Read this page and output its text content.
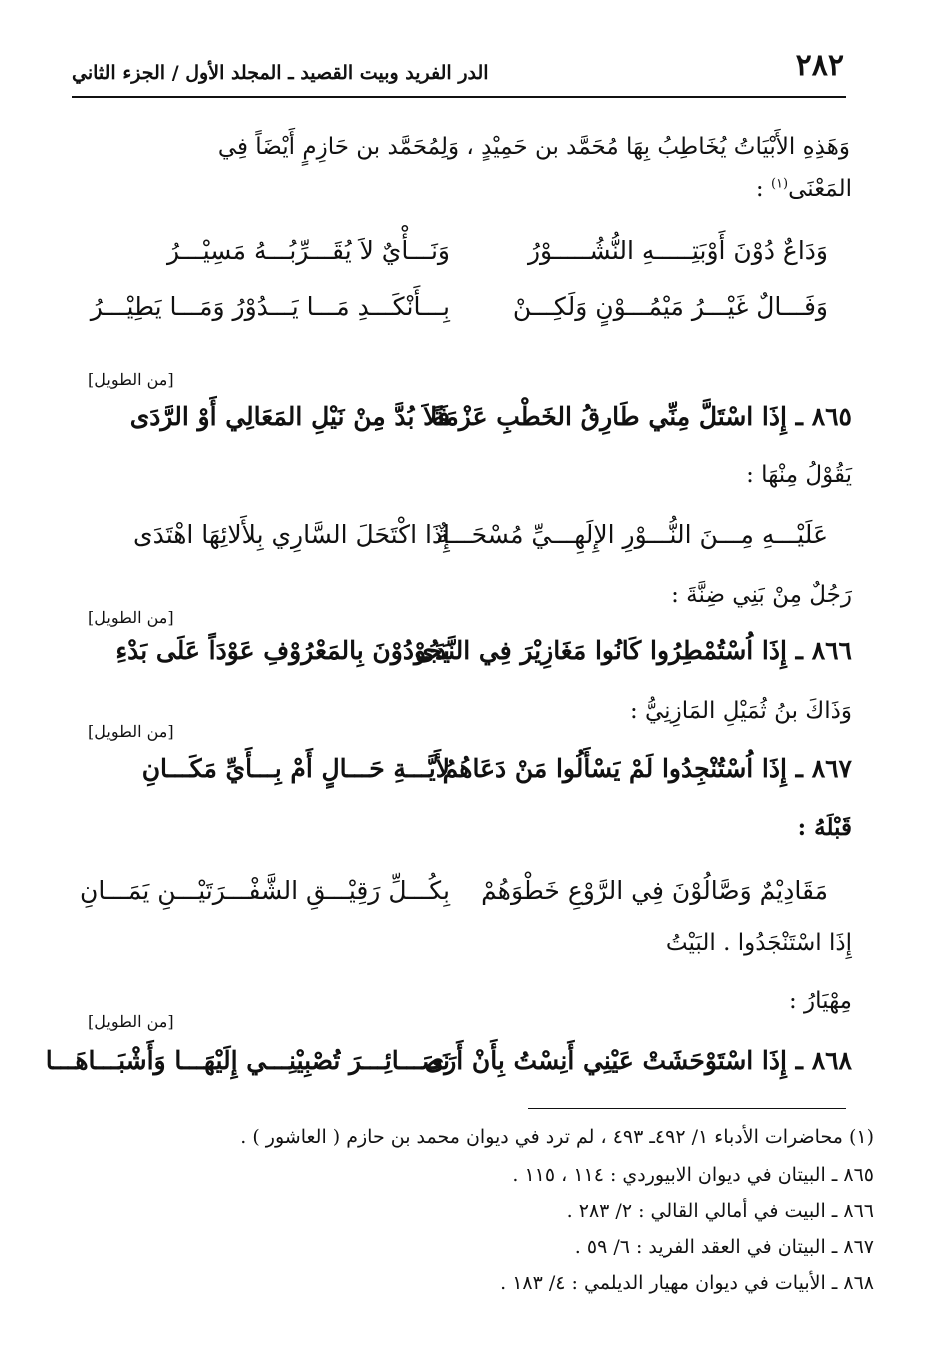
٢٨٢
الدر الفريد وبيت القصيد ـ المجلد الأول / الجزء الثاني
وَهَذِهِ الأَبْيَاتُ يُخَاطِبُ بِهَا مُحَمَّد بن حَمِيْدٍ ، وَلِمُحَمَّد بن حَازِمٍ أَيْضَاً فِي
المَعْنَى$^{(١)}$ :
وَدَاعٌ دُوْنَ أَوْبَتِـــــهِ النُّشُـــــوْرُ
وَنَـــأْيٌ لاَ يُقَـــرِّبُـــهُ مَسِيْـــرُ
وَفَـــالٌ غَيْـــرُ مَيْمُـــوْنٍ وَلَكِـــنْ
بِـــأَنْكَـــدِ مَـــا يَـــدُوْرُ وَمَـــا يَطِيْـــرُ
[من الطويل]
٨٦٥ ـ إِذَا اسْتَلَّ مِنِّي طَارِقُ الخَطْبِ عَزْمَةً
فَلاَ بُدَّ مِنْ نَيْلِ المَعَالِي أَوْ الرَّدَى
يَقُوْلُ مِنْهَا :
عَلَيْـــهِ مِـــنَ النُّـــوْرِ الإِلَهِـــيِّ مُسْحَـــةٌ
إِذَا اكْتَحَلَ السَّارِي بِلأَلائِهَا اهْتَدَى
رَجُلٌ مِنْ بَنِي ضِنَّةَ :
[من الطويل]
٨٦٦ ـ إِذَا اُسْتُمْطِرُوا كَانُوا مَغَازِيْرَ فِي النَّدَى
يَجُوْدُوْنَ بِالمَعْرُوْفِ عَوْدَاً عَلَى بَدْءِ
وَذَاكَ بنُ ثُمَيْلِ المَازِنِيُّ :
[من الطويل]
٨٦٧ ـ إِذَا اُسْتُنْجِدُوا لَمْ يَسْأَلُوا مَنْ دَعَاهُمُ
لأَيَّـــةِ حَـــالٍ أَمْ بِـــأَيِّ مَكَـــانِ
قَبْلَهُ :
مَقَادِيْمٌ وَصَّالُوْنَ فِي الرَّوْعِ خَطْوَهُمْ
بِكُـــلِّ رَقِيْـــقِ الشَّفْـــرَتَيْـــنِ يَمَـــانِ
إِذَا اسْتَنْجَدُوا . البَيْتُ
مِهْيَارُ :
[من الطويل]
٨٦٨ ـ إِذَا اسْتَوْحَشَتْ عَيْنِي أَنِسْتُ بِأَنْ أَرَى
نَصَـــائِـــرَ تُصْبِيْنِـــي إِلَيْهَـــا وَأَشْبَـــاهَـــا
(١) محاضرات الأدباء ١/ ٤٩٢ـ ٤٩٣ ، لم ترد في ديوان محمد بن حازم ( العاشور ) .
٨٦٥ ـ البيتان في ديوان الابيوردي : ١١٤ ، ١١٥ .
٨٦٦ ـ البيت في أمالي القالي : ٢/ ٢٨٣ .
٨٦٧ ـ البيتان في العقد الفريد : ٦/ ٥٩ .
٨٦٨ ـ الأبيات في ديوان مهيار الديلمي : ٤/ ١٨٣ .
